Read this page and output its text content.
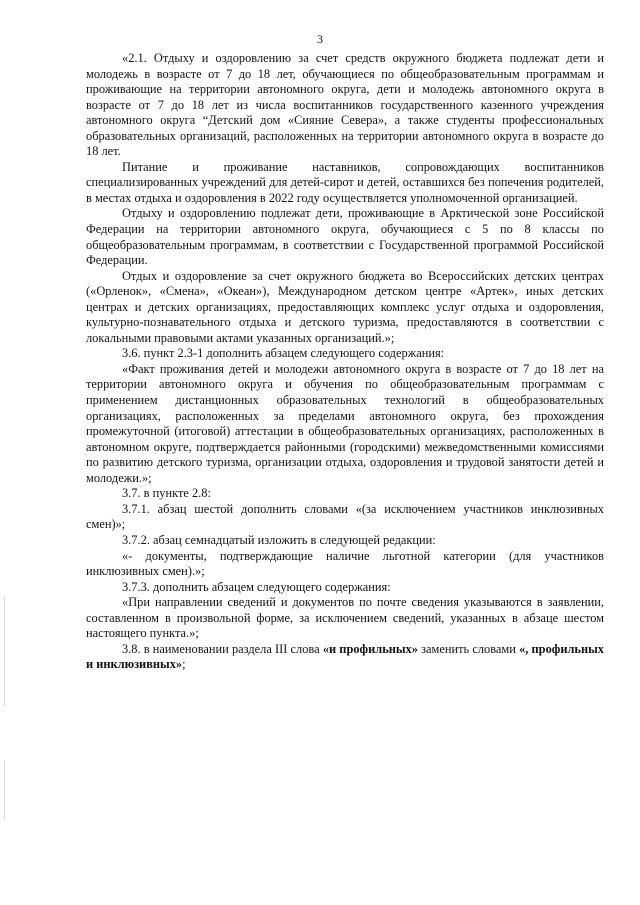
3

«2.1. Отдыху и оздоровлению за счет средств окружного бюджета подлежат дети и молодежь в возрасте от 7 до 18 лет, обучающиеся по общеобразовательным программам и проживающие на территории автономного округа, дети и молодежь автономного округа в возрасте от 7 до 18 лет из числа воспитанников государственного казенного учреждения автономного округа “Детский дом «Сияние Севера», а также студенты профессиональных образовательных организаций, расположенных на территории автономного округа в возрасте до 18 лет.

Питание и проживание наставников, сопровождающих воспитанников специализированных учреждений для детей-сирот и детей, оставшихся без попечения родителей, в местах отдыха и оздоровления в 2022 году осуществляется уполномоченной организацией.

Отдыху и оздоровлению подлежат дети, проживающие в Арктической зоне Российской Федерации на территории автономного округа, обучающиеся с 5 по 8 классы по общеобразовательным программам, в соответствии с Государственной программой Российской Федерации.

Отдых и оздоровление за счет окружного бюджета во Всероссийских детских центрах («Орленок», «Смена», «Океан»), Международном детском центре «Артек», иных детских центрах и детских организациях, предоставляющих комплекс услуг отдыха и оздоровления, культурно-познавательного отдыха и детского туризма, предоставляются в соответствии с локальными правовыми актами указанных организаций.»;

3.6. пункт 2.3-1 дополнить абзацем следующего содержания:

«Факт проживания детей и молодежи автономного округа в возрасте от 7 до 18 лет на территории автономного округа и обучения по общеобразовательным программам с применением дистанционных образовательных технологий в общеобразовательных организациях, расположенных за пределами автономного округа, без прохождения промежуточной (итоговой) аттестации в общеобразовательных организациях, расположенных в автономном округе, подтверждается районными (городскими) межведомственными комиссиями по развитию детского туризма, организации отдыха, оздоровления и трудовой занятости детей и молодежи.»;

3.7. в пункте 2.8:

3.7.1. абзац шестой дополнить словами «(за исключением участников инклюзивных смен)»;

3.7.2. абзац семнадцатый изложить в следующей редакции:

«- документы, подтверждающие наличие льготной категории (для участников инклюзивных смен).»;

3.7.3. дополнить абзацем следующего содержания:

«При направлении сведений и документов по почте сведения указываются в заявлении, составленном в произвольной форме, за исключением сведений, указанных в абзаце шестом настоящего пункта.»;

3.8. в наименовании раздела III слова «и профильных» заменить словами «, профильных и инклюзивных»;
